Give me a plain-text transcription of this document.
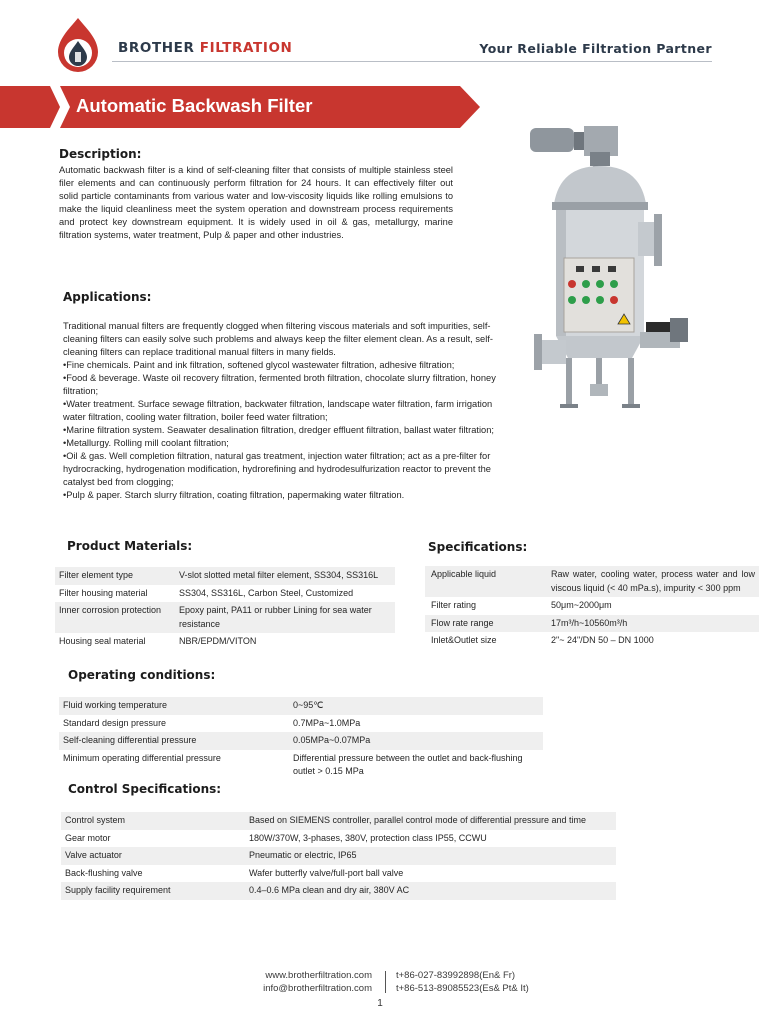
BROTHER FILTRATION	Your Reliable Filtration Partner
Automatic Backwash Filter
Description:
Automatic backwash filter is a kind of self-cleaning filter that consists of multiple stainless steel filer elements and can continuously perform filtration for 24 hours. It can effectively filter out solid particle contaminants from various water and low-viscosity liquids like rolling emulsions to make the liquid cleanliness meet the system operation and downstream process requirements and protect key downstream equipment. It is widely used in oil & gas, metallurgy, marine filtration systems, water treatment, Pulp & paper and other industries.
Applications:
Traditional manual filters are frequently clogged when filtering viscous materials and soft impurities, self-cleaning filters can easily solve such problems and always keep the filter element clean. As a result, self-cleaning filters can replace traditional manual filters in many fields.
•Fine chemicals. Paint and ink filtration, softened glycol wastewater filtration, adhesive filtration;
•Food & beverage. Waste oil recovery filtration, fermented broth filtration, chocolate slurry filtration, honey filtration;
•Water treatment. Surface sewage filtration, backwater filtration, landscape water filtration, farm irrigation water filtration, cooling water filtration, boiler feed water filtration;
•Marine filtration system. Seawater desalination filtration, dredger effluent filtration, ballast water filtration;
•Metallurgy. Rolling mill coolant filtration;
•Oil & gas. Well completion filtration, natural gas treatment, injection water filtration; act as a pre-filter for hydrocracking, hydrogenation modification, hydrorefining and hydrodesulfurization reactor to prevent the catalyst bed from clogging;
•Pulp & paper. Starch slurry filtration, coating filtration, papermaking water filtration.
Product Materials:
Filter element type	V-slot slotted metal filter element, SS304, SS316L
Filter housing material	SS304, SS316L, Carbon Steel, Customized
Inner corrosion protection	Epoxy paint, PA11 or rubber Lining for sea water resistance
Housing seal material	NBR/EPDM/VITON
Specifications:
Applicable liquid	Raw water, cooling water, process water and low viscous liquid (< 40 mPa.s), impurity < 300 ppm
Filter rating	50μm~2000μm
Flow rate range	17m³/h~10560m³/h
Inlet&Outlet size	2"~ 24"/DN 50 – DN 1000
Operating conditions:
Fluid working temperature	0~95℃
Standard design pressure	0.7MPa~1.0MPa
Self-cleaning differential pressure	0.05MPa~0.07MPa
Minimum operating differential pressure	Differential pressure between the outlet and back-flushing outlet > 0.15 MPa
Control Specifications:
Control system	Based on SIEMENS controller, parallel control mode of differential pressure and time
Gear motor	180W/370W, 3-phases, 380V, protection class IP55, CCWU
Valve actuator	Pneumatic or electric, IP65
Back-flushing valve	Wafer butterfly valve/full-port ball valve
Supply facility requirement	0.4–0.6 MPa clean and dry air, 380V AC
www.brotherfiltration.com
info@brotherfiltration.com
t+86-027-83992898(En& Fr)
t+86-513-89085523(Es& Pt& It)
1
